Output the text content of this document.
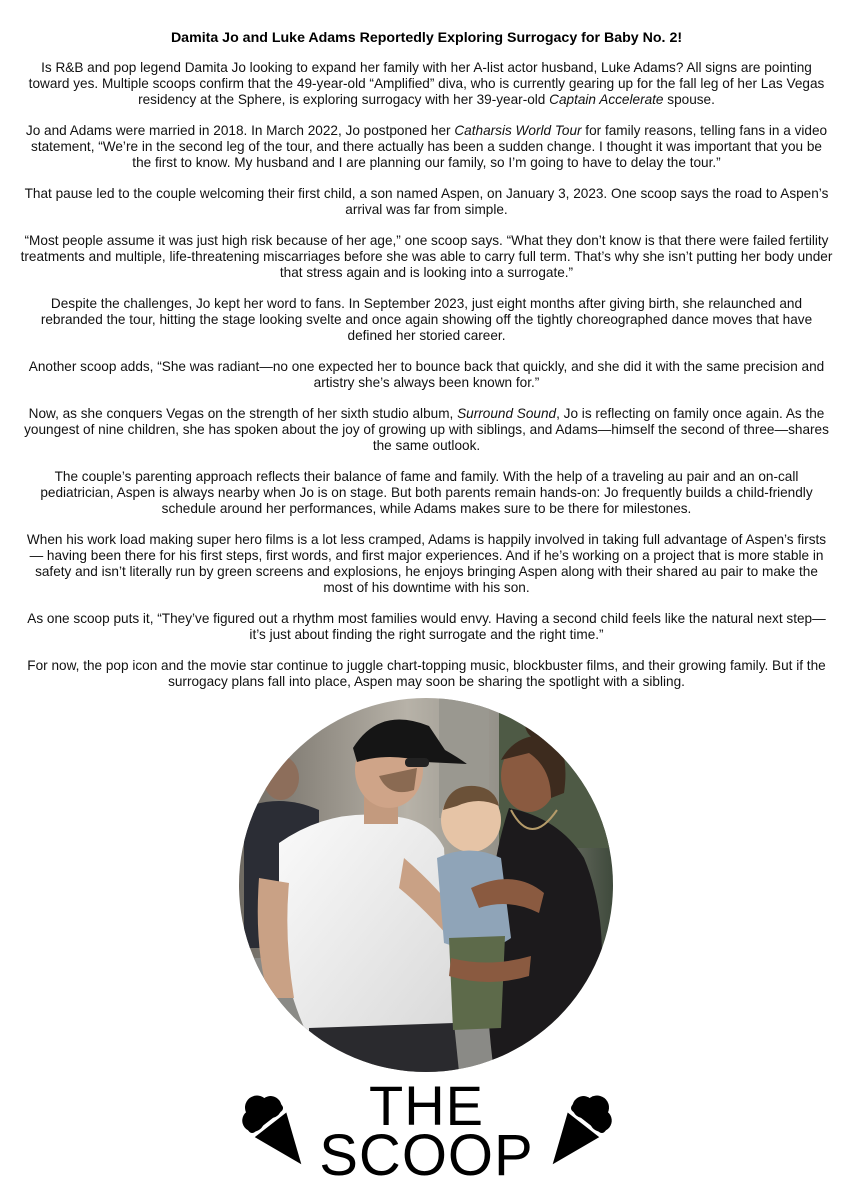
Damita Jo and Luke Adams Reportedly Exploring Surrogacy for Baby No. 2!

Is R&B and pop legend Damita Jo looking to expand her family with her A-list actor husband, Luke Adams? All signs are pointing toward yes. Multiple scoops confirm that the 49-year-old “Amplified” diva, who is currently gearing up for the fall leg of her Las Vegas residency at the Sphere, is exploring surrogacy with her 39-year-old Captain Accelerate spouse.

Jo and Adams were married in 2018. In March 2022, Jo postponed her Catharsis World Tour for family reasons, telling fans in a video statement, “We’re in the second leg of the tour, and there actually has been a sudden change. I thought it was important that you be the first to know. My husband and I are planning our family, so I’m going to have to delay the tour.”

That pause led to the couple welcoming their first child, a son named Aspen, on January 3, 2023. One scoop says the road to Aspen’s arrival was far from simple.

“Most people assume it was just high risk because of her age,” one scoop says. “What they don’t know is that there were failed fertility treatments and multiple, life-threatening miscarriages before she was able to carry full term. That’s why she isn’t putting her body under that stress again and is looking into a surrogate.”

Despite the challenges, Jo kept her word to fans. In September 2023, just eight months after giving birth, she relaunched and rebranded the tour, hitting the stage looking svelte and once again showing off the tightly choreographed dance moves that have defined her storied career.

Another scoop adds, “She was radiant—no one expected her to bounce back that quickly, and she did it with the same precision and artistry she’s always been known for.”

Now, as she conquers Vegas on the strength of her sixth studio album, Surround Sound, Jo is reflecting on family once again. As the youngest of nine children, she has spoken about the joy of growing up with siblings, and Adams—himself the second of three—shares the same outlook.

The couple’s parenting approach reflects their balance of fame and family. With the help of a traveling au pair and an on-call pediatrician, Aspen is always nearby when Jo is on stage. But both parents remain hands-on: Jo frequently builds a child-friendly schedule around her performances, while Adams makes sure to be there for milestones.

When his work load making super hero films is a lot less cramped, Adams is happily involved in taking full advantage of Aspen’s firsts — having been there for his first steps, first words, and first major experiences. And if he’s working on a project that is more stable in safety and isn’t literally run by green screens and explosions, he enjoys bringing Aspen along with their shared au pair to make the most of his downtime with his son.

As one scoop puts it, “They’ve figured out a rhythm most families would envy. Having a second child feels like the natural next step—it’s just about finding the right surrogate and the right time.”

For now, the pop icon and the movie star continue to juggle chart-topping music, blockbuster films, and their growing family. But if the surrogacy plans fall into place, Aspen may soon be sharing the spotlight with a sibling.

THE
SCOOP
